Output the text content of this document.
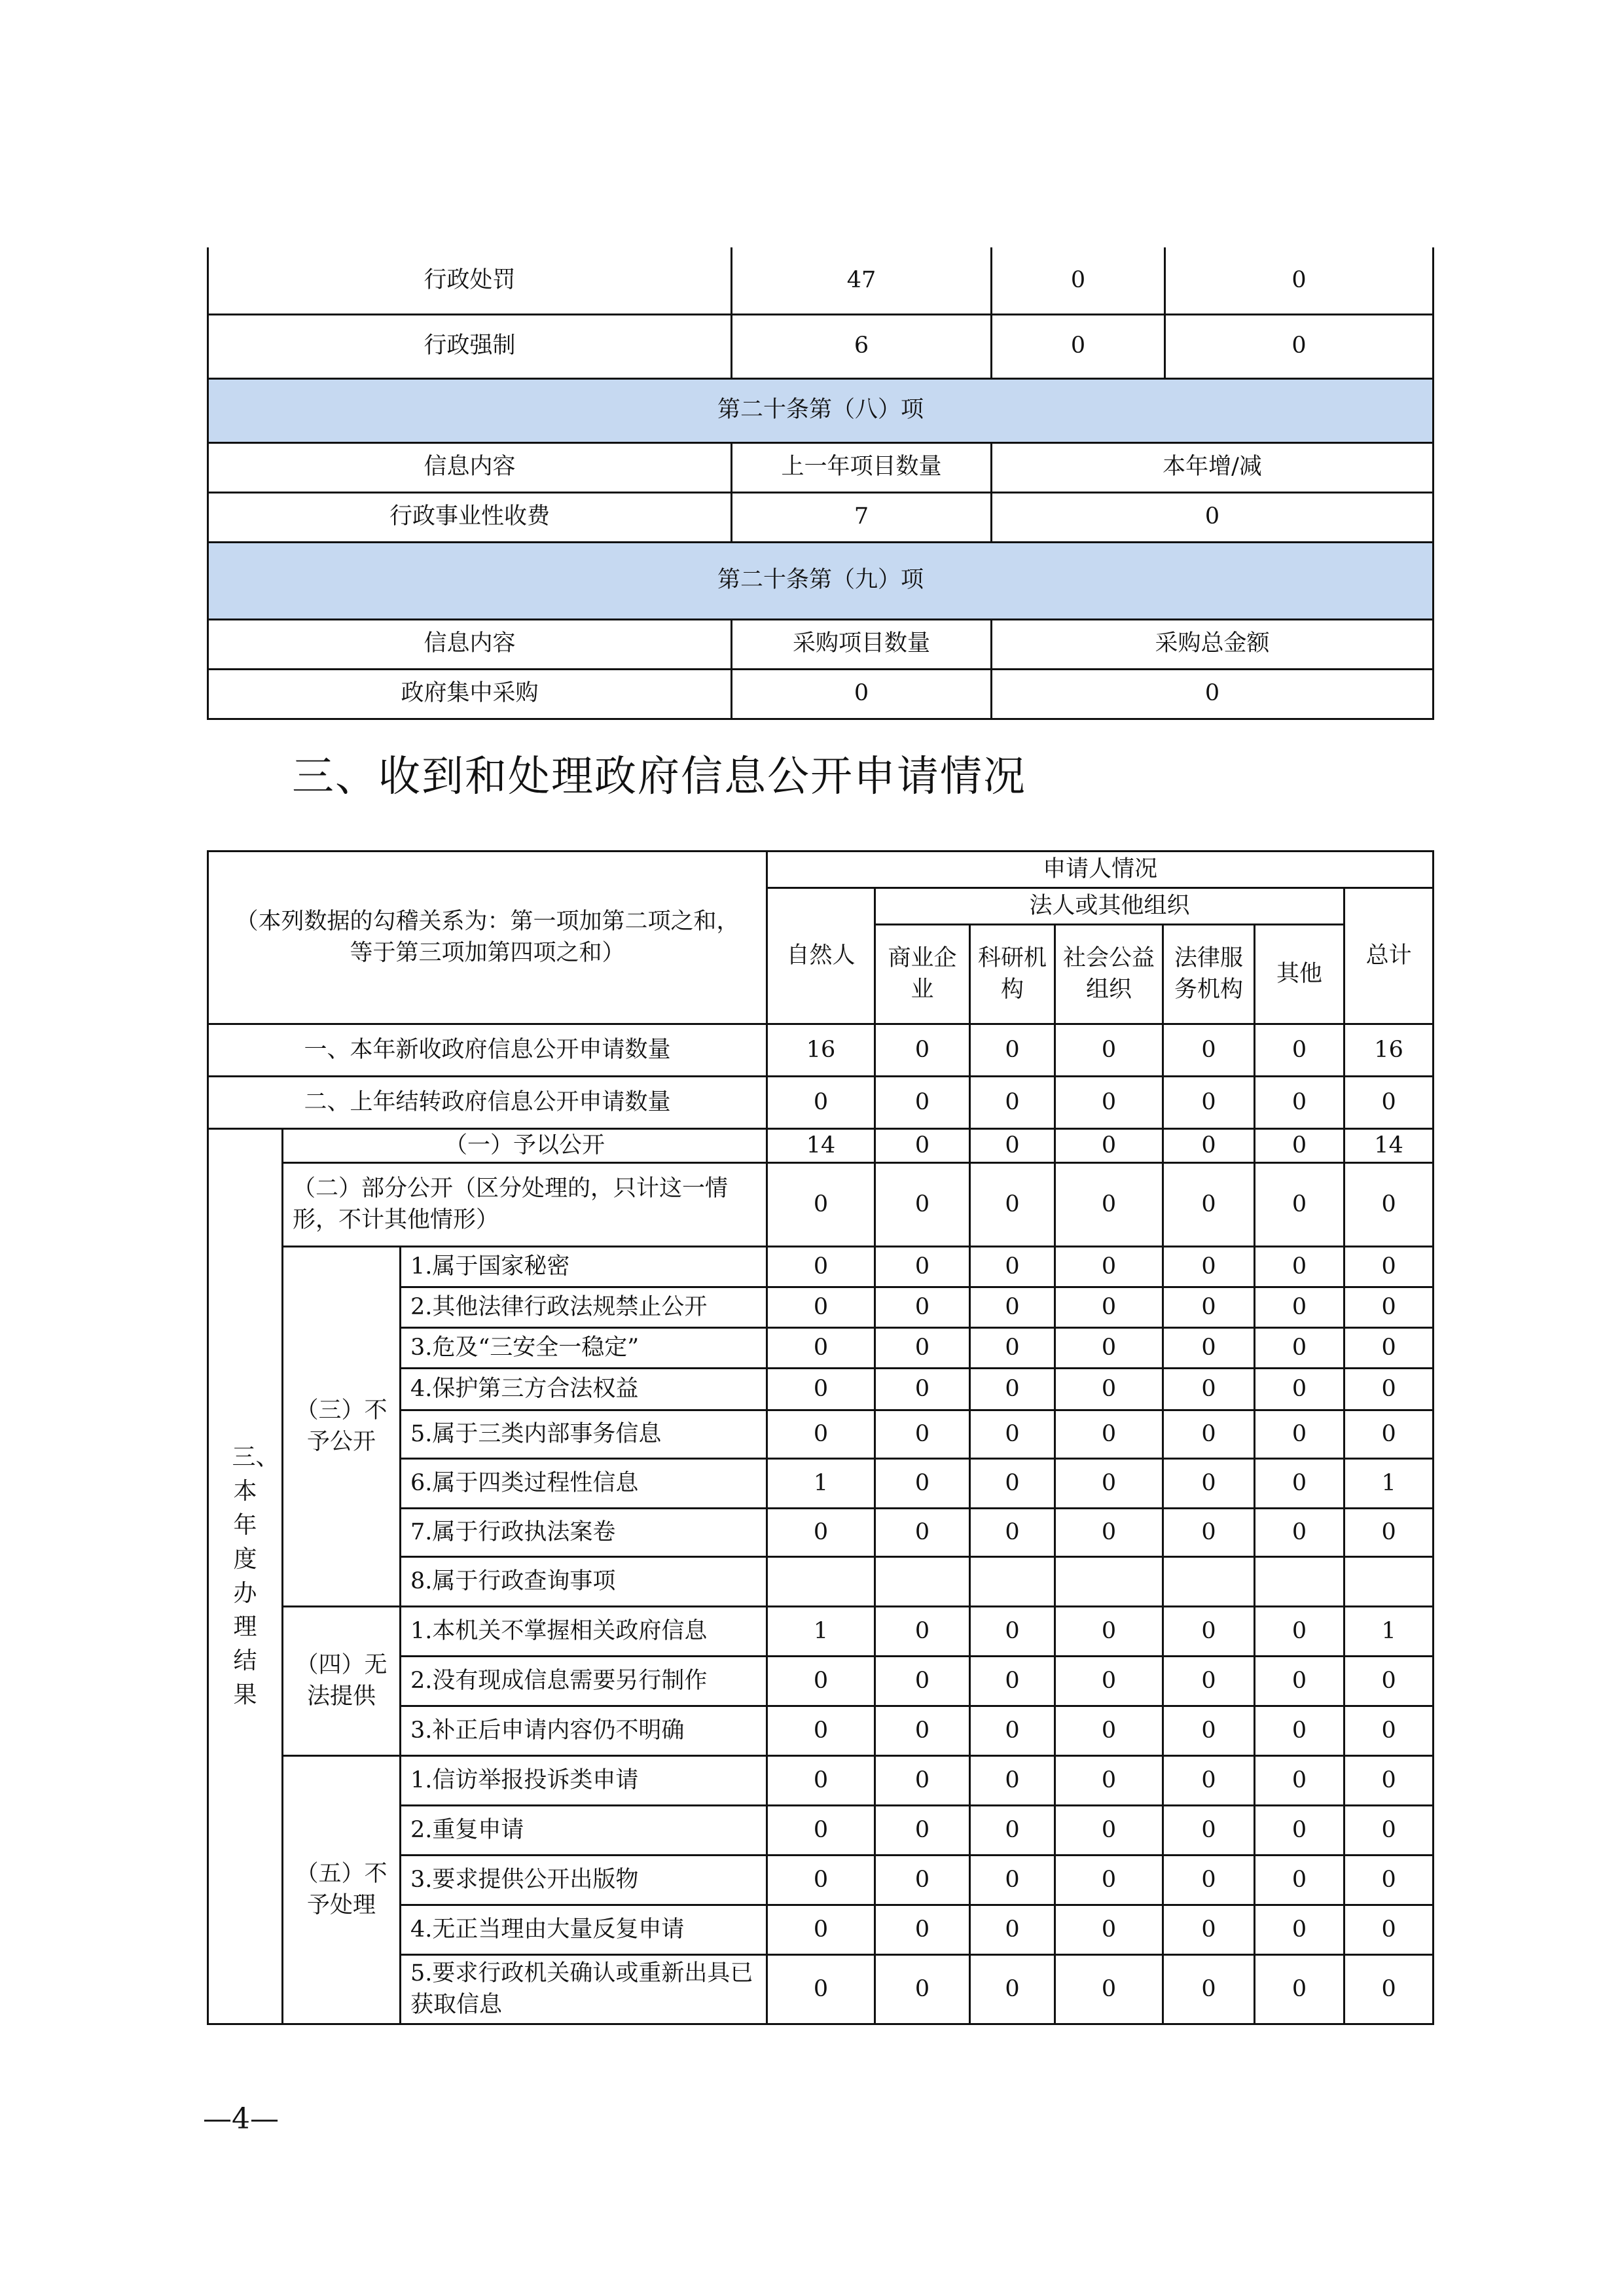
行政处罚	47	0	0
行政强制	6	0	0
第二十条第（八）项			
信息内容	上一年项目数量	本年增/减	
行政事业性收费	7	0	
第二十条第（九）项			
信息内容	采购项目数量	采购总金额	
政府集中采购	0	0	
三、收到和处理政府信息公开申请情况
（本列数据的勾稽关系为：第一项加第二项之和，等于第三项加第四项之和）			申请人情况						
			自然人	法人或其他组织					总计
				商业企业	科研机构	社会公益组织	法律服务机构	其他	
一、本年新收政府信息公开申请数量			16	0	0	0	0	0	16
二、上年结转政府信息公开申请数量			0	0	0	0	0	0	0
三、本年度办理结果	（一）予以公开		14	0	0	0	0	0	14
	（二）部分公开（区分处理的，只计这一情形，不计其他情形）		0	0	0	0	0	0	0
	（三）不予公开	1.属于国家秘密	0	0	0	0	0	0	0
		2.其他法律行政法规禁止公开	0	0	0	0	0	0	0
		3.危及“三安全一稳定”	0	0	0	0	0	0	0
		4.保护第三方合法权益	0	0	0	0	0	0	0
		5.属于三类内部事务信息	0	0	0	0	0	0	0
		6.属于四类过程性信息	1	0	0	0	0	0	1
		7.属于行政执法案卷	0	0	0	0	0	0	0
		8.属于行政查询事项							
	（四）无法提供	1.本机关不掌握相关政府信息	1	0	0	0	0	0	1
		2.没有现成信息需要另行制作	0	0	0	0	0	0	0
		3.补正后申请内容仍不明确	0	0	0	0	0	0	0
	（五）不予处理	1.信访举报投诉类申请	0	0	0	0	0	0	0
		2.重复申请	0	0	0	0	0	0	0
		3.要求提供公开出版物	0	0	0	0	0	0	0
		4.无正当理由大量反复申请	0	0	0	0	0	0	0
		5.要求行政机关确认或重新出具已获取信息	0	0	0	0	0	0	0
—4—
